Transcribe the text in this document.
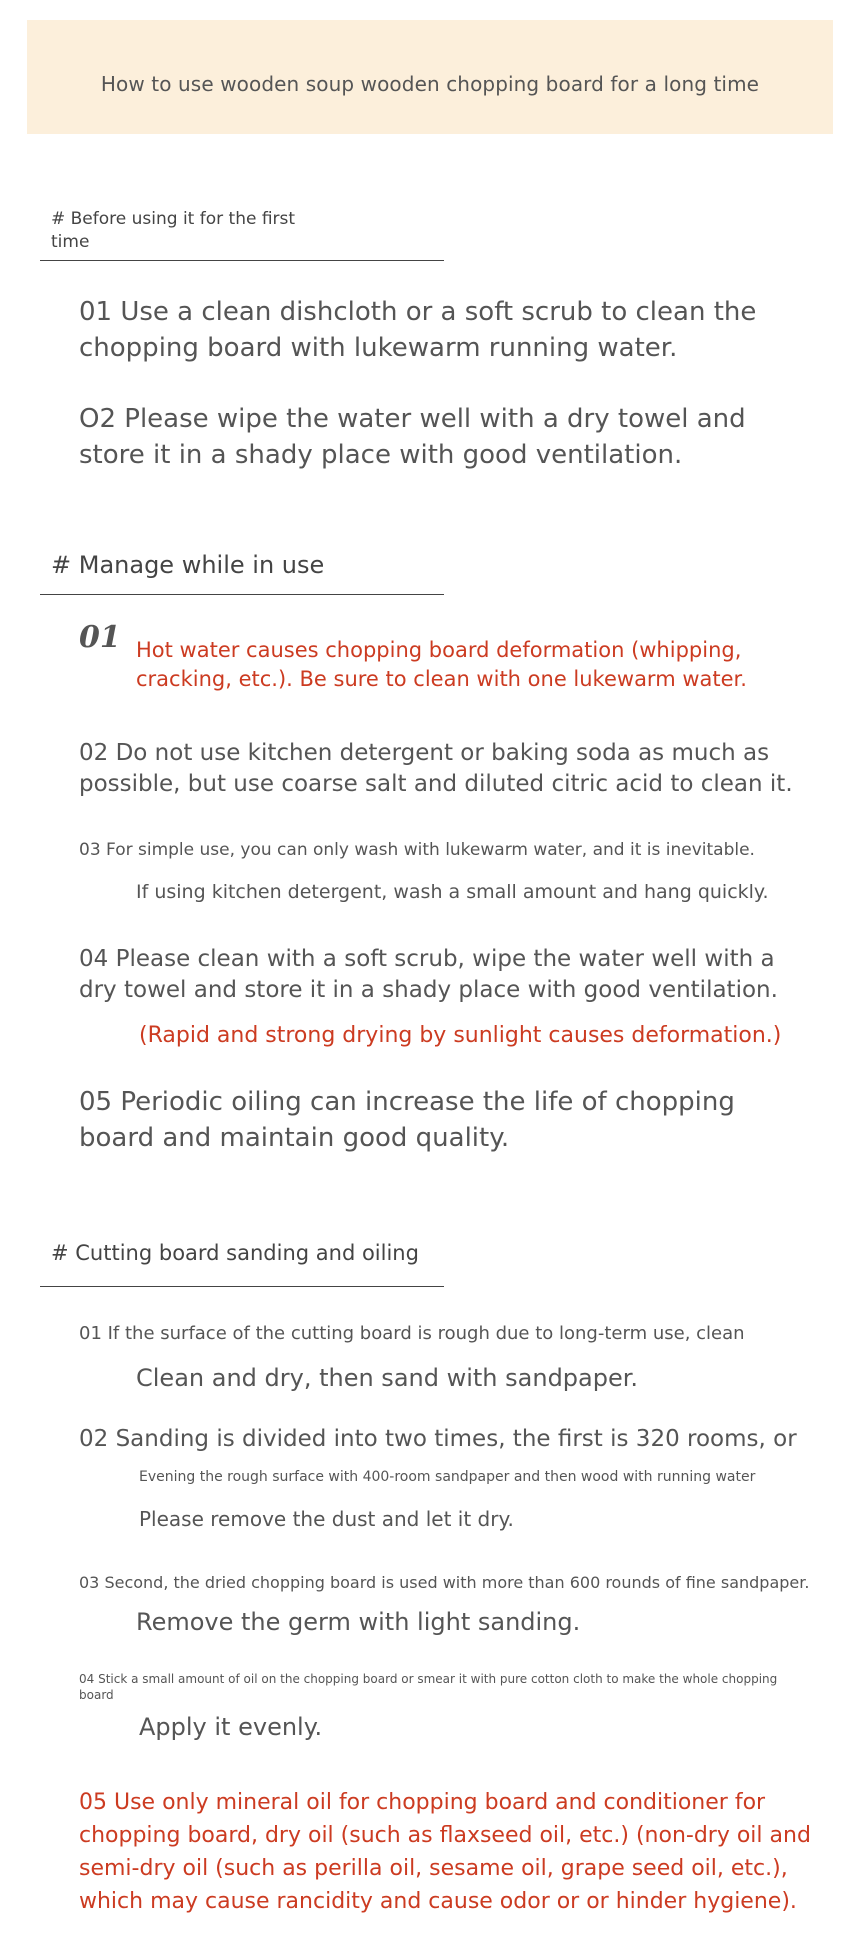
How to use wooden soup wooden chopping board for a long time
# Before using it for the first
time
01 Use a clean dishcloth or a soft scrub to clean the
chopping board with lukewarm running water.
O2 Please wipe the water well with a dry towel and
store it in a shady place with good ventilation.
# Manage while in use
01 Hot water causes chopping board deformation (whipping,
cracking, etc.). Be sure to clean with one lukewarm water.
02 Do not use kitchen detergent or baking soda as much as
possible, but use coarse salt and diluted citric acid to clean it.
03 For simple use, you can only wash with lukewarm water, and it is inevitable.
If using kitchen detergent, wash a small amount and hang quickly.
04 Please clean with a soft scrub, wipe the water well with a
dry towel and store it in a shady place with good ventilation.
(Rapid and strong drying by sunlight causes deformation.)
05 Periodic oiling can increase the life of chopping
board and maintain good quality.
# Cutting board sanding and oiling
01 If the surface of the cutting board is rough due to long-term use, clean
Clean and dry, then sand with sandpaper.
02 Sanding is divided into two times, the first is 320 rooms, or
Evening the rough surface with 400-room sandpaper and then wood with running water
Please remove the dust and let it dry.
03 Second, the dried chopping board is used with more than 600 rounds of fine sandpaper.
Remove the germ with light sanding.
04 Stick a small amount of oil on the chopping board or smear it with pure cotton cloth to make the whole chopping
board
Apply it evenly.
05 Use only mineral oil for chopping board and conditioner for
chopping board, dry oil (such as flaxseed oil, etc.) (non-dry oil and
semi-dry oil (such as perilla oil, sesame oil, grape seed oil, etc.),
which may cause rancidity and cause odor or or hinder hygiene).
